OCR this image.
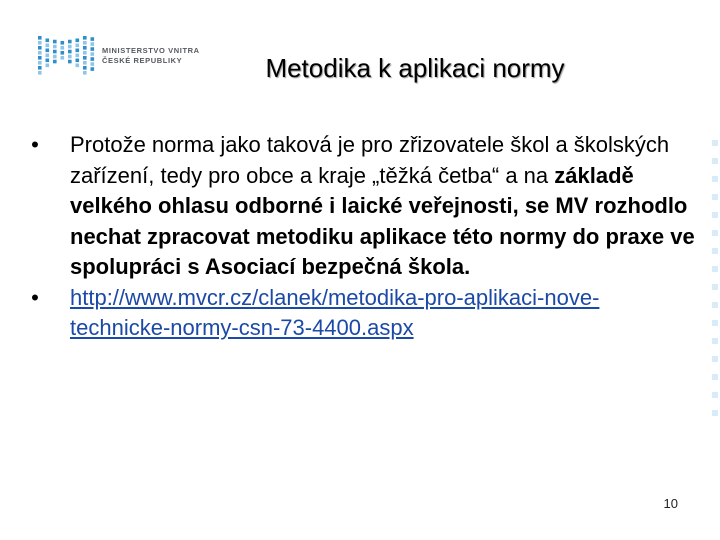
MINISTERSTVO VNITRA
ČESKÉ REPUBLIKY	Metodika k aplikaci normy
• Protože norma jako taková je pro zřizovatele škol a školských zařízení, tedy pro obce a kraje „těžká četba“ a na základě velkého ohlasu odborné i laické veřejnosti, se MV rozhodlo nechat zpracovat metodiku aplikace této normy do praxe ve spolupráci s Asociací bezpečná škola.
• http://www.mvcr.cz/clanek/metodika-pro-aplikaci-nove-technicke-normy-csn-73-4400.aspx
10
